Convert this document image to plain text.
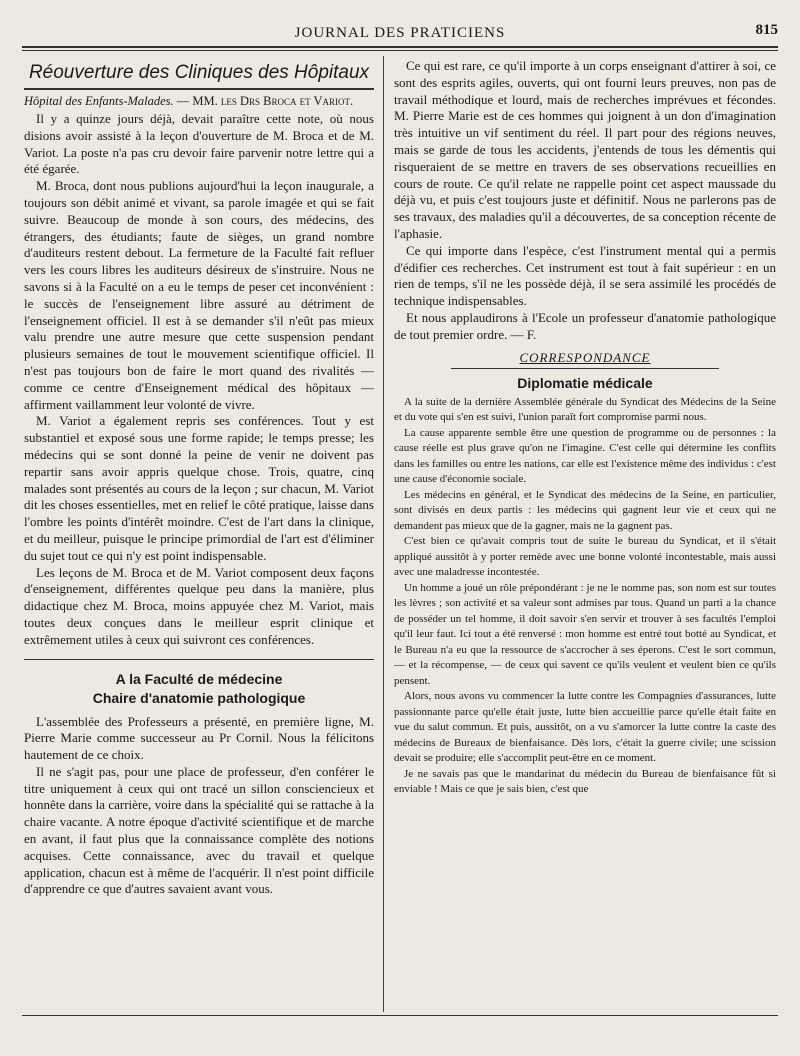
JOURNAL DES PRATICIENS	815
Réouverture des Cliniques des Hôpitaux
Hôpital des Enfants-Malades. — MM. les Drs Broca et Variot.

Il y a quinze jours déjà, devait paraître cette note, où nous disions avoir assisté à la leçon d'ouverture de M. Broca et de M. Variot. La poste n'a pas cru devoir faire parvenir notre lettre qui a été égarée.

M. Broca, dont nous publions aujourd'hui la leçon inaugurale, a toujours son débit animé et vivant, sa parole imagée et qui se fait suivre. Beaucoup de monde à son cours, des médecins, des étrangers, des étudiants; faute de sièges, un grand nombre d'auditeurs restent debout. La fermeture de la Faculté fait refluer vers les cours libres les auditeurs désireux de s'instruire. Nous ne savons si à la Faculté on a eu le temps de peser cet inconvénient : le succès de l'enseignement libre assuré au détriment de l'enseignement officiel. Il est à se demander s'il n'eût pas mieux valu prendre une autre mesure que cette suspension pendant plusieurs semaines de tout le mouvement scientifique officiel. Il n'est pas toujours bon de faire le mort quand des rivalités — comme ce centre d'Enseignement médical des hôpitaux — affirment vaillamment leur volonté de vivre.

M. Variot a également repris ses conférences. Tout y est substantiel et exposé sous une forme rapide; le temps presse; les médecins qui se sont donné la peine de venir ne doivent pas repartir sans avoir appris quelque chose. Trois, quatre, cinq malades sont présentés au cours de la leçon ; sur chacun, M. Variot dit les choses essentielles, met en relief le côté pratique, laisse dans l'ombre les points d'intérêt moindre. C'est de l'art dans la clinique, et du meilleur, puisque le principe primordial de l'art est d'éliminer du sujet tout ce qui n'y est point indispensable.

Les leçons de M. Broca et de M. Variot composent deux façons d'enseignement, différentes quelque peu dans la manière, plus didactique chez M. Broca, moins appuyée chez M. Variot, mais toutes deux conçues dans le meilleur esprit clinique et extrêmement utiles à ceux qui suivront ces conférences.

A la Faculté de médecine
Chaire d'anatomie pathologique

L'assemblée des Professeurs a présenté, en première ligne, M. Pierre Marie comme successeur au Pr Cornil. Nous la félicitons hautement de ce choix.

Il ne s'agit pas, pour une place de professeur, d'en conférer le titre uniquement à ceux qui ont tracé un sillon consciencieux et honnête dans la carrière, voire dans la spécialité qui se rattache à la chaire vacante. A notre époque d'activité scientifique et de marche en avant, il faut plus que la connaissance complète des notions acquises. Cette connaissance, avec du travail et quelque application, chacun est à même de l'acquérir. Il n'est point difficile d'apprendre ce que d'autres savaient avant vous.

Ce qui est rare, ce qu'il importe à un corps enseignant d'attirer à soi, ce sont des esprits agiles, ouverts, qui ont fourni leurs preuves, non pas de travail méthodique et lourd, mais de recherches imprévues et fécondes. M. Pierre Marie est de ces hommes qui joignent à un don d'imagination très intuitive un vif sentiment du réel. Il part pour des régions neuves, mais se garde de tous les accidents, j'entends de tous les démentis qui risqueraient de se mettre en travers de ses observations recueillies en cours de route. Ce qu'il relate ne rappelle point cet aspect maussade du déjà vu, et puis c'est toujours juste et définitif. Nous ne parlerons pas de ses travaux, des maladies qu'il a découvertes, de sa conception récente de l'aphasie.

Ce qui importe dans l'espèce, c'est l'instrument mental qui a permis d'édifier ces recherches. Cet instrument est tout à fait supérieur : en un rien de temps, s'il ne les possède déjà, il se sera assimilé les procédés de technique indispensables.

Et nous applaudirons à l'Ecole un professeur d'anatomie pathologique de tout premier ordre. — F.

CORRESPONDANCE
Diplomatie médicale

A la suite de la dernière Assemblée générale du Syndicat des Médecins de la Seine et du vote qui s'en est suivi, l'union paraît fort compromise parmi nous.

La cause apparente semble être une question de programme ou de personnes : la cause réelle est plus grave qu'on ne l'imagine. C'est celle qui détermine les conflits dans les familles ou entre les nations, car elle est l'existence même des individus : c'est une cause d'économie sociale.

Les médecins en général, et le Syndicat des médecins de la Seine, en particulier, sont divisés en deux partis : les médecins qui gagnent leur vie et ceux qui ne demandent pas mieux que de la gagner, mais ne la gagnent pas.

C'est bien ce qu'avait compris tout de suite le bureau du Syndicat, et il s'était appliqué aussitôt à y porter remède avec une bonne volonté incontestable, mais aussi avec une maladresse incontestée.

Un homme a joué un rôle prépondérant : je ne le nomme pas, son nom est sur toutes les lèvres ; son activité et sa valeur sont admises par tous. Quand un parti a la chance de posséder un tel homme, il doit savoir s'en servir et trouver à ses facultés l'emploi qu'il leur faut. Ici tout a été renversé : mon homme est entré tout botté au Syndicat, et le Bureau n'a eu que la ressource de s'accrocher à ses éperons. C'est le sort commun, — et la récompense, — de ceux qui savent ce qu'ils veulent et veulent bien ce qu'ils pensent.

Alors, nous avons vu commencer la lutte contre les Compagnies d'assurances, lutte passionnante parce qu'elle était juste, lutte bien accueillie parce qu'elle était faite en vue du salut commun. Et puis, aussitôt, on a vu s'amorcer la lutte contre la caste des médecins de Bureaux de bienfaisance. Dès lors, c'était la guerre civile; une scission devait se produire; elle s'accomplit peut-être en ce moment.

Je ne savais pas que le mandarinat du médecin du Bureau de bienfaisance fût si enviable ! Mais ce que je sais bien, c'est que
